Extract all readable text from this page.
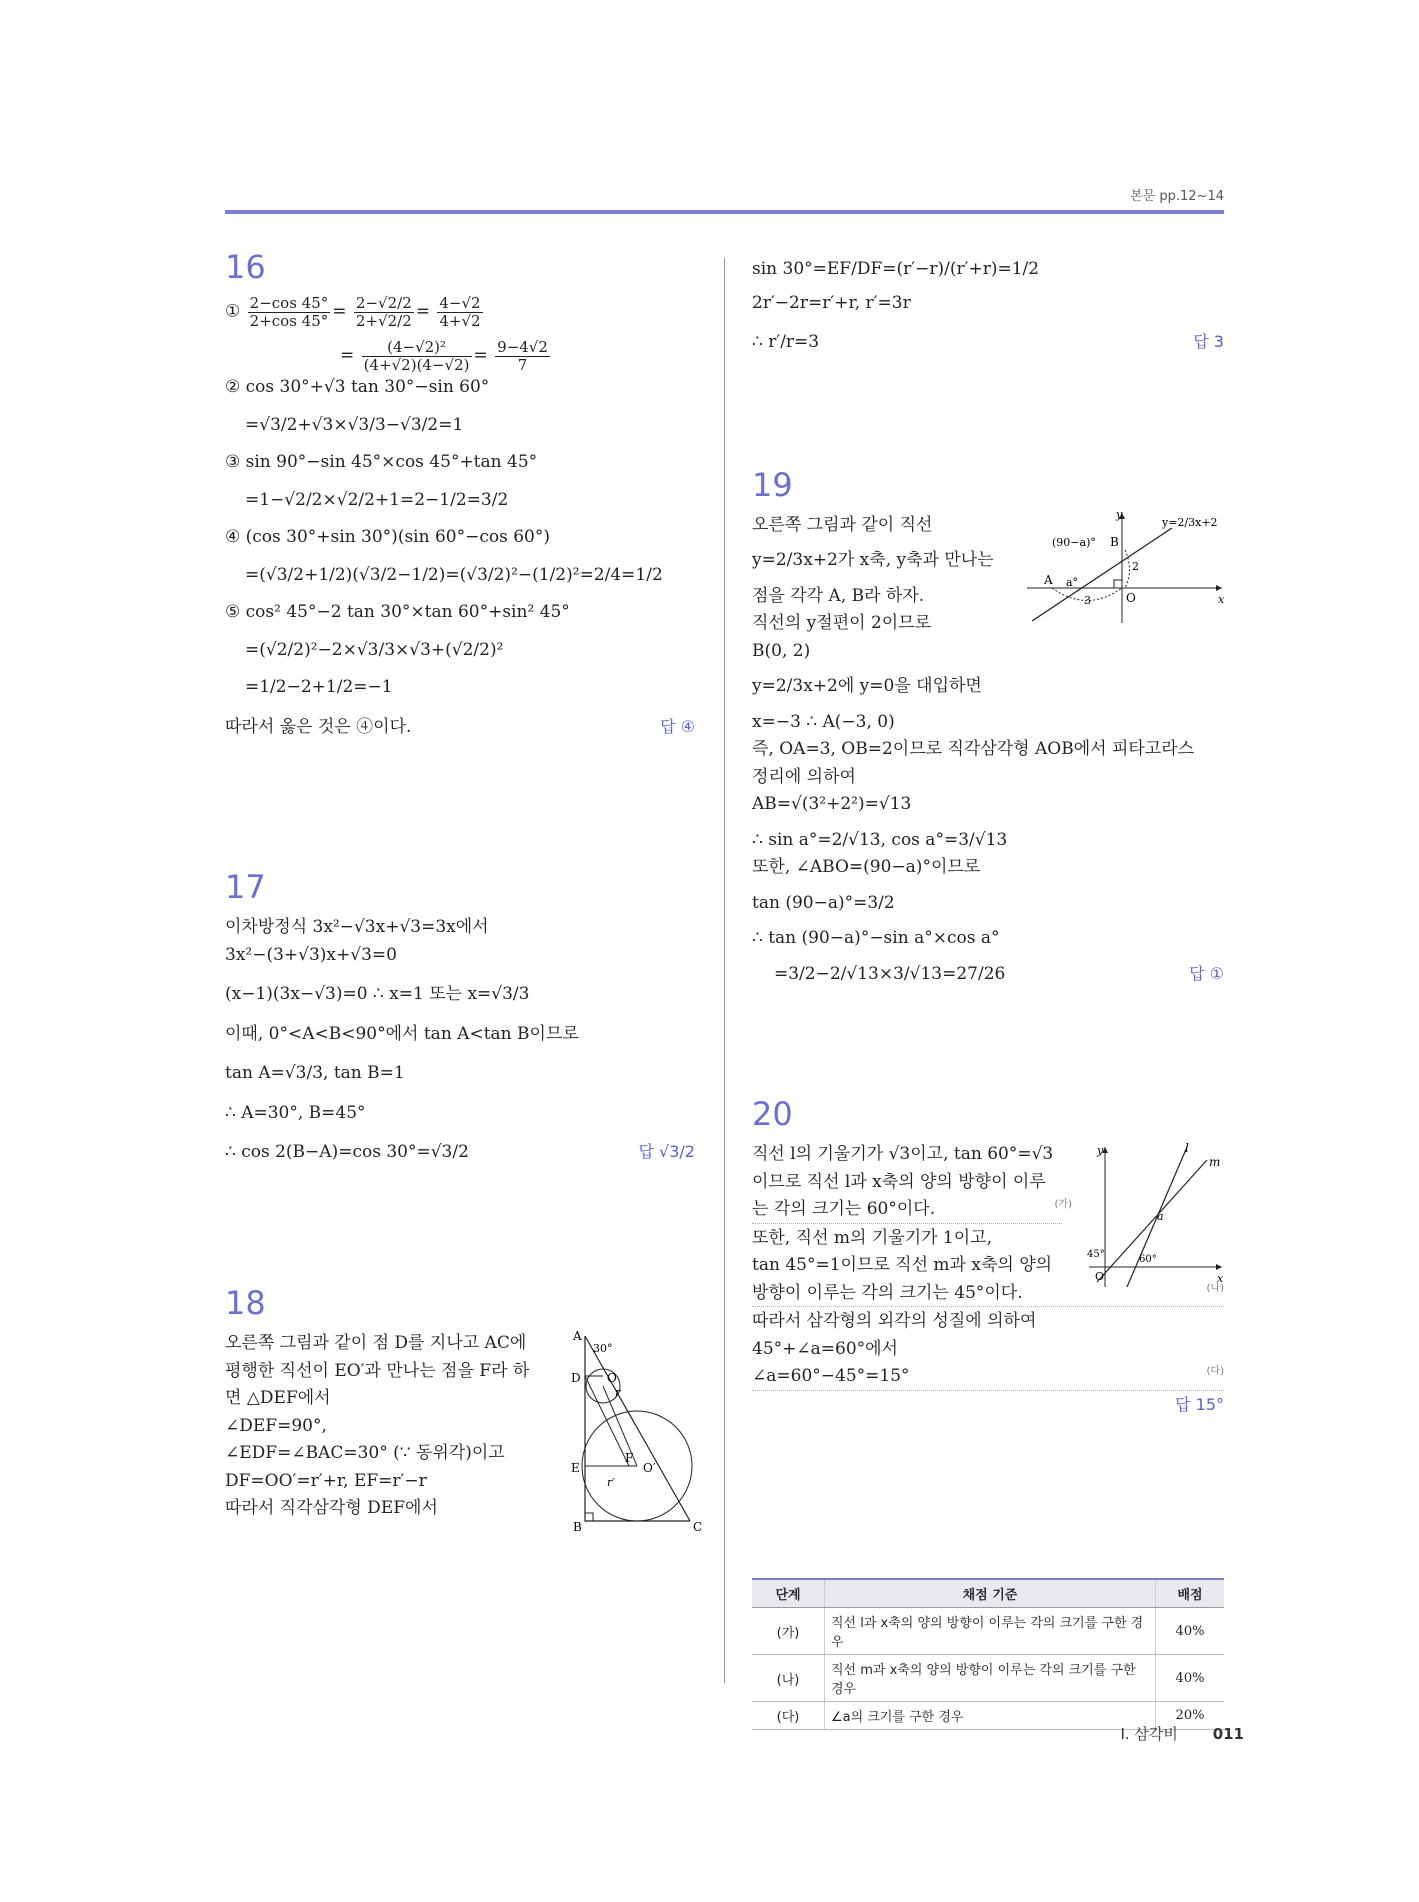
본문 pp.12~14
16
① $\frac{2-\cos 45^\circ}{2+\cos 45^\circ} = \frac{2-√2/2}{2+√2/2} = \frac{4-√2}{4+√2}$
= $\frac{\text{(4−√2)²}}{(4+√2)(4-√2)} = \frac{9-4√2}{7}$
② cos 30°+√3 tan 30°−sin 60°
=√3/2+√3×√3/3−√3/2=1
③ sin 90°−sin 45°×cos 45°+tan 45°
=1−√2/2×√2/2+1=2−1/2=3/2
④ (cos 30°+sin 30°)(sin 60°−cos 60°)
=(√3/2+1/2)(√3/2−1/2)=(√3/2)²−(1/2)²=2/4=1/2
⑤ cos² 45°−2 tan 30°×tan 60°+sin² 45°
=(√2/2)²−2×√3/3×√3+(√2/2)²
=1/2−2+1/2=−1
따라서 옳은 것은 ④이다.	답 ④
17
이차방정식 3x²−√3x+√3=3x에서
3x²−(3+√3)x+√3=0
(x−1)(3x−√3)=0 ∴ x=1 또는 x=√3/3
이때, 0°<A<B<90°에서 tan A<tan B이므로
tan A=√3/3, tan B=1
∴ A=30°, B=45°
∴ cos 2(B−A)=cos 30°=√3/2	답 √3/2
18
오른쪽 그림과 같이 점 D를 지나고 AC에
평행한 직선이 EO′과 만나는 점을 F라 하
면 △DEF에서
∠DEF=90°,
∠EDF=∠BAC=30° (∵ 동위각)이고
DF=OO′=r′+r, EF=r′−r
따라서 직각삼각형 DEF에서
A
B	C
D
E
F
O
O′
r
r′
30°
sin 30°=EF/DF=(r′−r)/(r′+r)=1/2
2r′−2r=r′+r, r′=3r
∴ r′/r=3	답 3
19
오른쪽 그림과 같이 직선
y=2/3x+2가 x축, y축과 만나는
점을 각각 A, B라 하자.
직선의 y절편이 2이므로
B(0, 2)
y=2/3x+2에 y=0을 대입하면
x=−3 ∴ A(−3, 0)
즉, OA=3, OB=2이므로 직각삼각형 AOB에서 피타고라스
정리에 의하여
AB=√(3²+2²)=√13
∴ sin a°=2/√13, cos a°=3/√13
또한, ∠ABO=(90−a)°이므로
tan (90−a)°=3/2
∴ tan (90−a)°−sin a°×cos a°
=3/2−2/√13×3/√13=27/26	답 ①
y
x
y=2/3x+2
A
B
O
(90−a)°
a°
2
3
20
직선 l의 기울기가 √3이고, tan 60°=√3
이므로 직선 l과 x축의 양의 방향이 이루
는 각의 크기는 60°이다.	(가)
또한, 직선 m의 기울기가 1이고,
tan 45°=1이므로 직선 m과 x축의 양의
방향이 이루는 각의 크기는 45°이다.	(나)
따라서 삼각형의 외각의 성질에 의하여
45°+∠a=60°에서
∠a=60°−45°=15°	(다)
답 15°
y
x
l
m
O
a
45°	60°
단계	채점 기준	배점
(가)	직선 l과 x축의 양의 방향이 이루는 각의 크기를 구한 경우	40%
(나)	직선 m과 x축의 양의 방향이 이루는 각의 크기를 구한 경우	40%
(다)	∠a의 크기를 구한 경우	20%
Ⅰ. 삼각비 011
